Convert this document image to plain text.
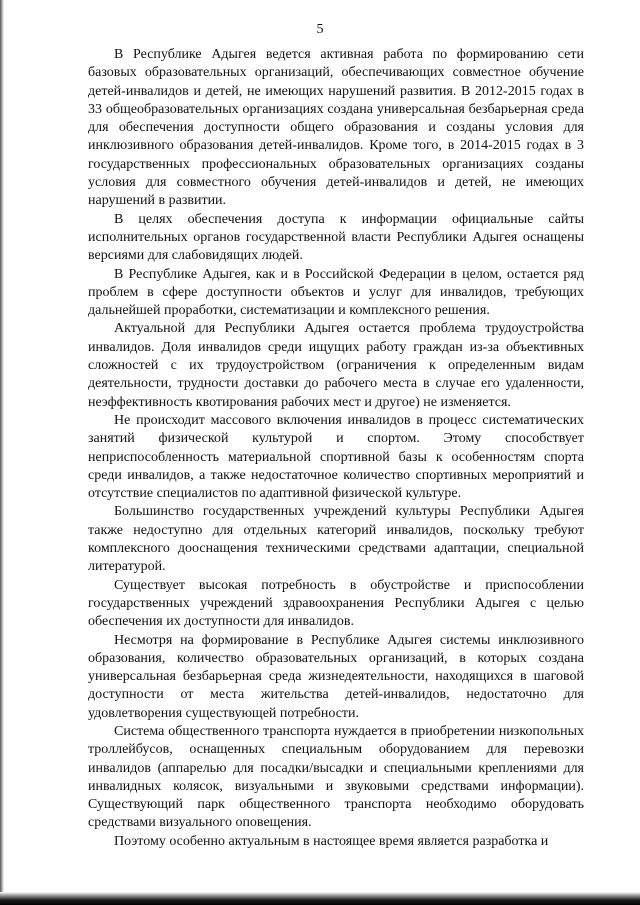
5

В Республике Адыгея ведется активная работа по формированию сети базовых образовательных организаций, обеспечивающих совместное обучение детей-инвалидов и детей, не имеющих нарушений развития. В 2012-2015 годах в 33 общеобразовательных организациях создана универсальная безбарьерная среда для обеспечения доступности общего образования и созданы условия для инклюзивного образования детей-инвалидов. Кроме того, в 2014-2015 годах в 3 государственных профессиональных образовательных организациях созданы условия для совместного обучения детей-инвалидов и детей, не имеющих нарушений в развитии.

В целях обеспечения доступа к информации официальные сайты исполнительных органов государственной власти Республики Адыгея оснащены версиями для слабовидящих людей.

В Республике Адыгея, как и в Российской Федерации в целом, остается ряд проблем в сфере доступности объектов и услуг для инвалидов, требующих дальнейшей проработки, систематизации и комплексного решения.

Актуальной для Республики Адыгея остается проблема трудоустройства инвалидов. Доля инвалидов среди ищущих работу граждан из-за объективных сложностей с их трудоустройством (ограничения к определенным видам деятельности, трудности доставки до рабочего места в случае его удаленности, неэффективность квотирования рабочих мест и другое) не изменяется.

Не происходит массового включения инвалидов в процесс систематических занятий физической культурой и спортом. Этому способствует неприспособленность материальной спортивной базы к особенностям спорта среди инвалидов, а также недостаточное количество спортивных мероприятий и отсутствие специалистов по адаптивной физической культуре.

Большинство государственных учреждений культуры Республики Адыгея также недоступно для отдельных категорий инвалидов, поскольку требуют комплексного дооснащения техническими средствами адаптации, специальной литературой.

Существует высокая потребность в обустройстве и приспособлении государственных учреждений здравоохранения Республики Адыгея с целью обеспечения их доступности для инвалидов.

Несмотря на формирование в Республике Адыгея системы инклюзивного образования, количество образовательных организаций, в которых создана универсальная безбарьерная среда жизнедеятельности, находящихся в шаговой доступности от места жительства детей-инвалидов, недостаточно для удовлетворения существующей потребности.

Система общественного транспорта нуждается в приобретении низкопольных троллейбусов, оснащенных специальным оборудованием для перевозки инвалидов (аппарелью для посадки/высадки и специальными креплениями для инвалидных колясок, визуальными и звуковыми средствами информации). Существующий парк общественного транспорта необходимо оборудовать средствами визуального оповещения.

Поэтому особенно актуальным в настоящее время является разработка и
